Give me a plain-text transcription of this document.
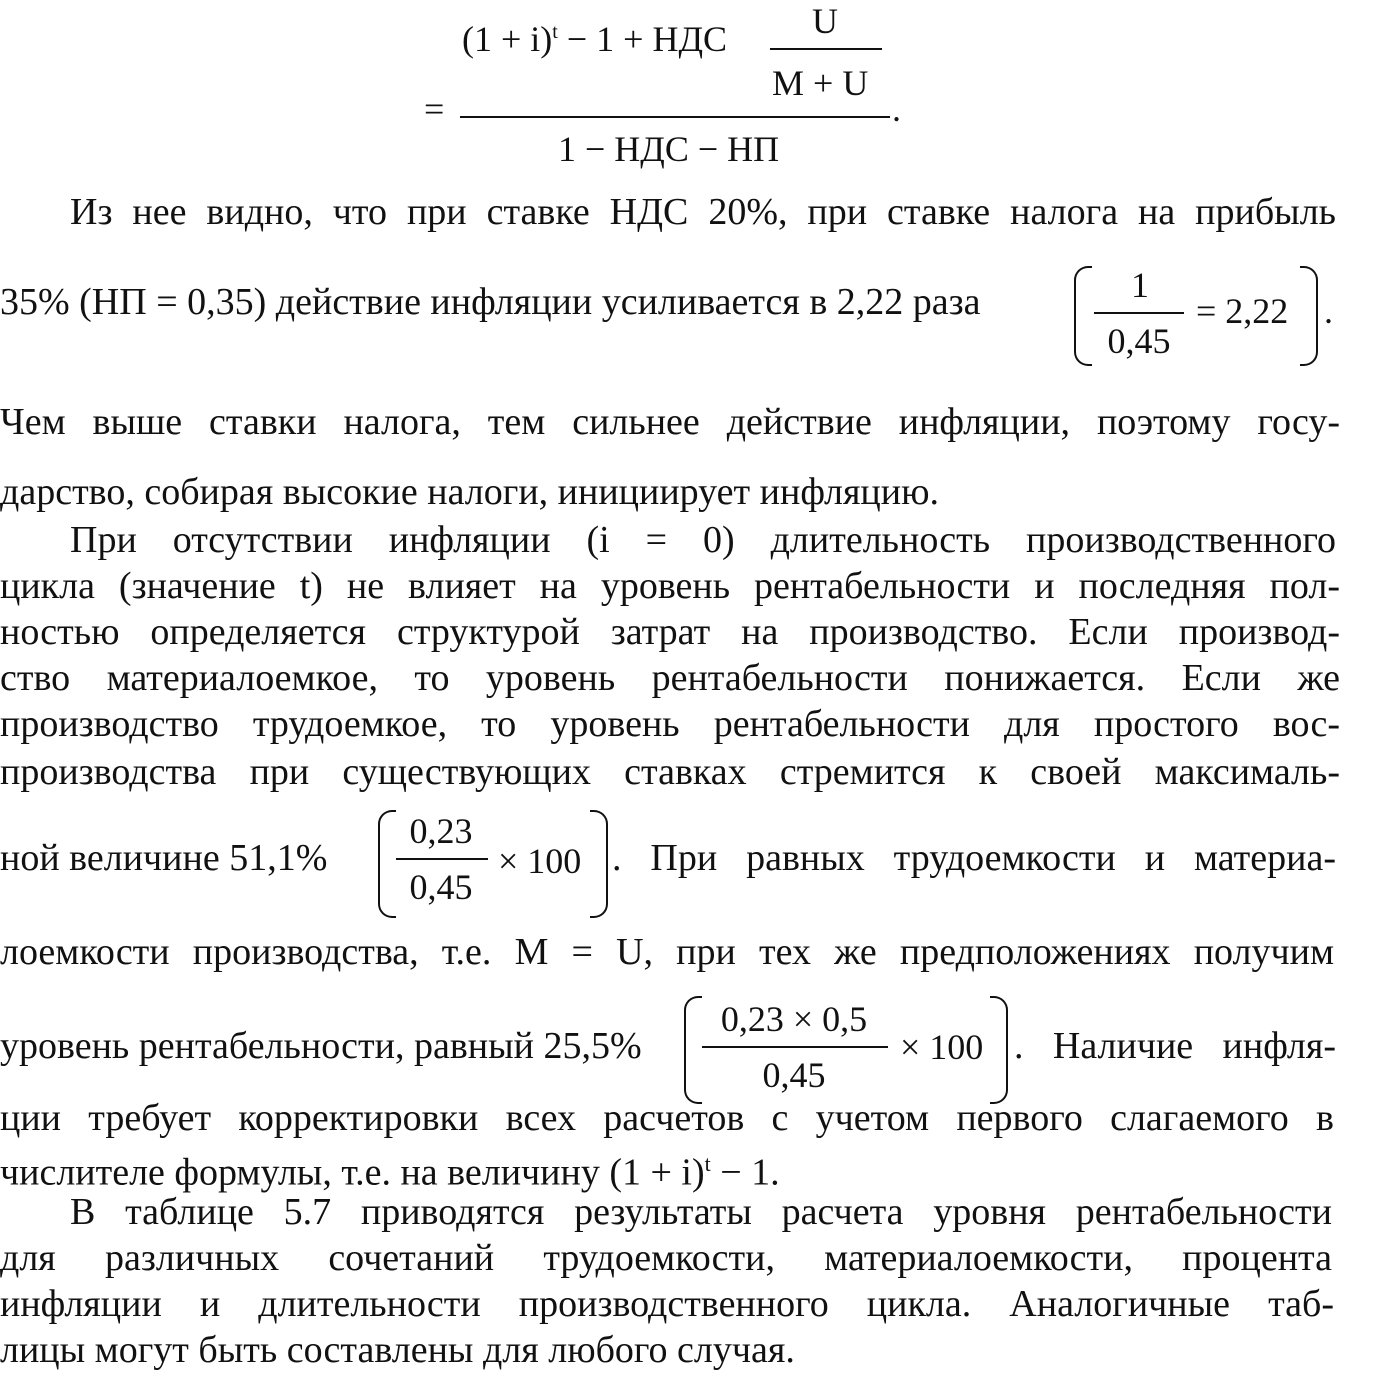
$(1 + i)^t - 1$ + НДС U
M + U
=	.
1 − НДС − НП
Из нее видно, что при ставке НДС 20%, при ставке налога на прибыль
35% (НП = 0,35) действие инфляции усиливается в 2,22 раза	1
0,45
= 2,22 .
Чем выше ставки налога, тем сильнее действие инфляции, поэтому госу-
дарство, собирая высокие налоги, инициирует инфляцию.
При отсутствии инфляции (i = 0) длительность производственного
цикла (значение t) не влияет на уровень рентабельности и последняя пол-
ностью определяется структурой затрат на производство. Если производ-
ство материалоемкое, то уровень рентабельности понижается. Если же
производство трудоемкое, то уровень рентабельности для простого вос-
производства при существующих ставках стремится к своей максималь-
ной величине 51,1%
0,23
0,45
× 100 . При равных трудоемкости и материа-
лоемкости производства, т.е. M = U, при тех же предположениях получим
уровень рентабельности, равный 25,5%
0,23 × 0,5
0,45
× 100 . Наличие инфля-
ции требует корректировки всех расчетов с учетом первого слагаемого в
числителе формулы, т.е. на величину $(1 + i)^t - 1$.
В таблице 5.7 приводятся результаты расчета уровня рентабельности
для различных сочетаний трудоемкости, материалоемкости, процента
инфляции и длительности производственного цикла. Аналогичные таб-
лицы могут быть составлены для любого случая.
